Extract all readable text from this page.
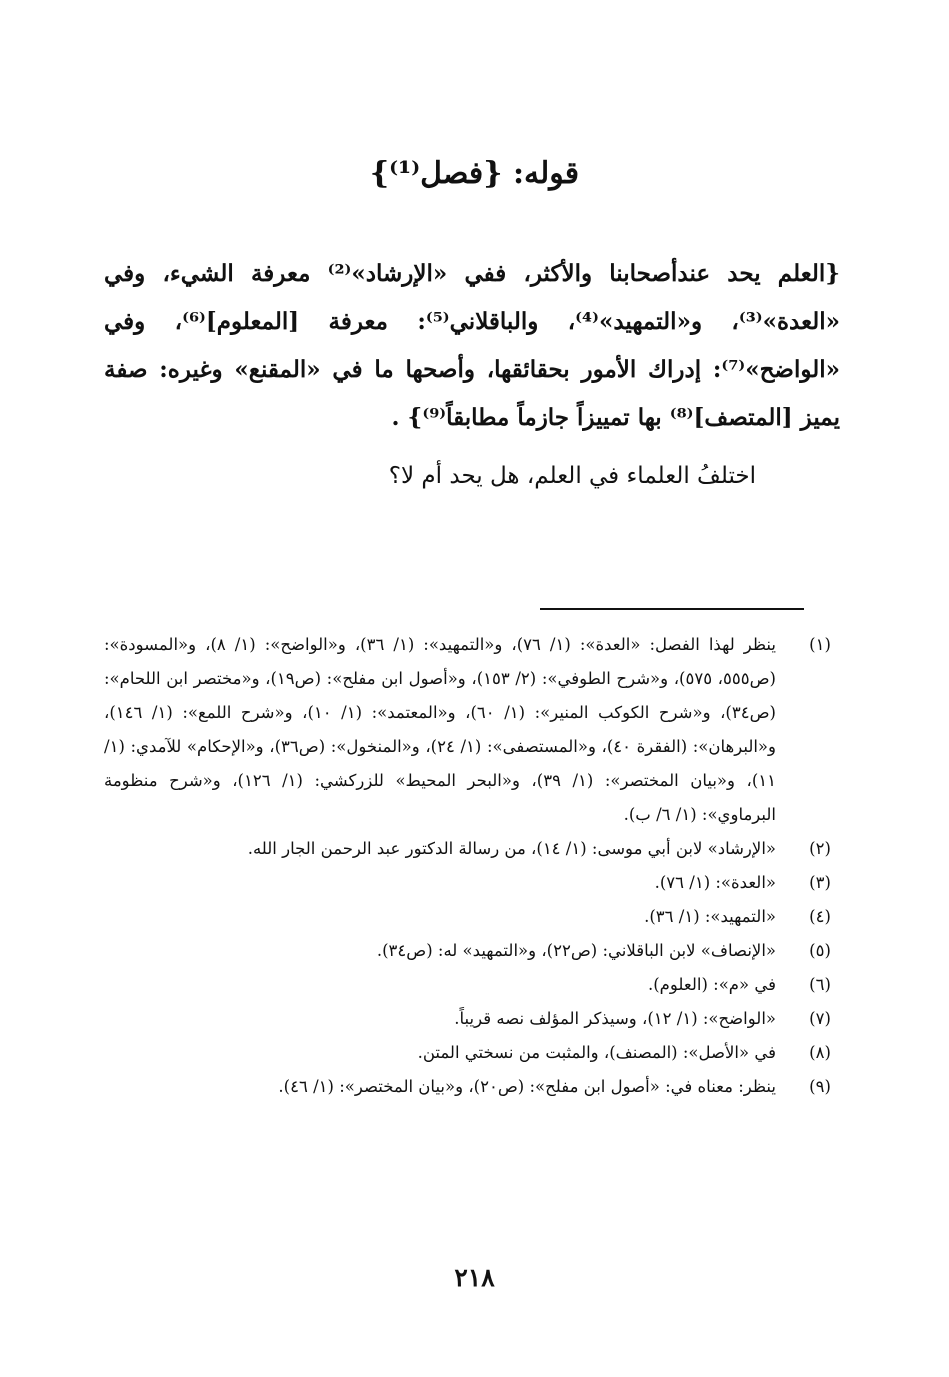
قوله: {فصل⁽¹⁾}

{العلم يحد عندأصحابنا والأكثر، ففي «الإرشاد»⁽²⁾ معرفة الشيء، وفي «العدة»⁽³⁾، و«التمهيد»⁽⁴⁾، والباقلاني⁽⁵⁾: معرفة [المعلوم]⁽⁶⁾، وفي «الواضح»⁽⁷⁾: إدراك الأمور بحقائقها، وأصحها ما في «المقنع» وغيره: صفة يميز [المتصف]⁽⁸⁾ بها تمييزاً جازماً مطابقاً⁽⁹⁾} .

اختلفُ العلماء في العلم، هل يحد أم لا؟

(١)
ينظر لهذا الفصل: «العدة»: (١/ ٧٦)، و«التمهيد»: (١/ ٣٦)، و«الواضح»: (١/ ٨)، و«المسودة»: (ص٥٥٥، ٥٧٥)، و«شرح الطوفي»: (٢/ ١٥٣)، و«أصول ابن مفلح»: (ص١٩)، و«مختصر ابن اللحام»: (ص٣٤)، و«شرح الكوكب المنير»: (١/ ٦٠)، و«المعتمد»: (١/ ١٠)، و«شرح اللمع»: (١/ ١٤٦)، و«البرهان»: (الفقرة ٤٠)، و«المستصفى»: (١/ ٢٤)، و«المنخول»: (ص٣٦)، و«الإحكام» للآمدي: (١/ ١١)، و«بيان المختصر»: (١/ ٣٩)، و«البحر المحيط» للزركشي: (١/ ١٢٦)، و«شرح منظومة البرماوي»: (١/ ٦/ ب).
(٢)
«الإرشاد» لابن أبي موسى: (١/ ١٤)، من رسالة الدكتور عبد الرحمن الجار الله.
(٣)
«العدة»: (١/ ٧٦).
(٤)
«التمهيد»: (١/ ٣٦).
(٥)
«الإنصاف» لابن الباقلاني: (ص٢٢)، و«التمهيد» له: (ص٣٤).
(٦)
في «م»: (العلوم).
(٧)
«الواضح»: (١/ ١٢)، وسيذكر المؤلف نصه قريباً.
(٨)
في «الأصل»: (المصنف)، والمثبت من نسختي المتن.
(٩)
ينظر: معناه في: «أصول ابن مفلح»: (ص٢٠)، و«بيان المختصر»: (١/ ٤٦).
٢١٨
